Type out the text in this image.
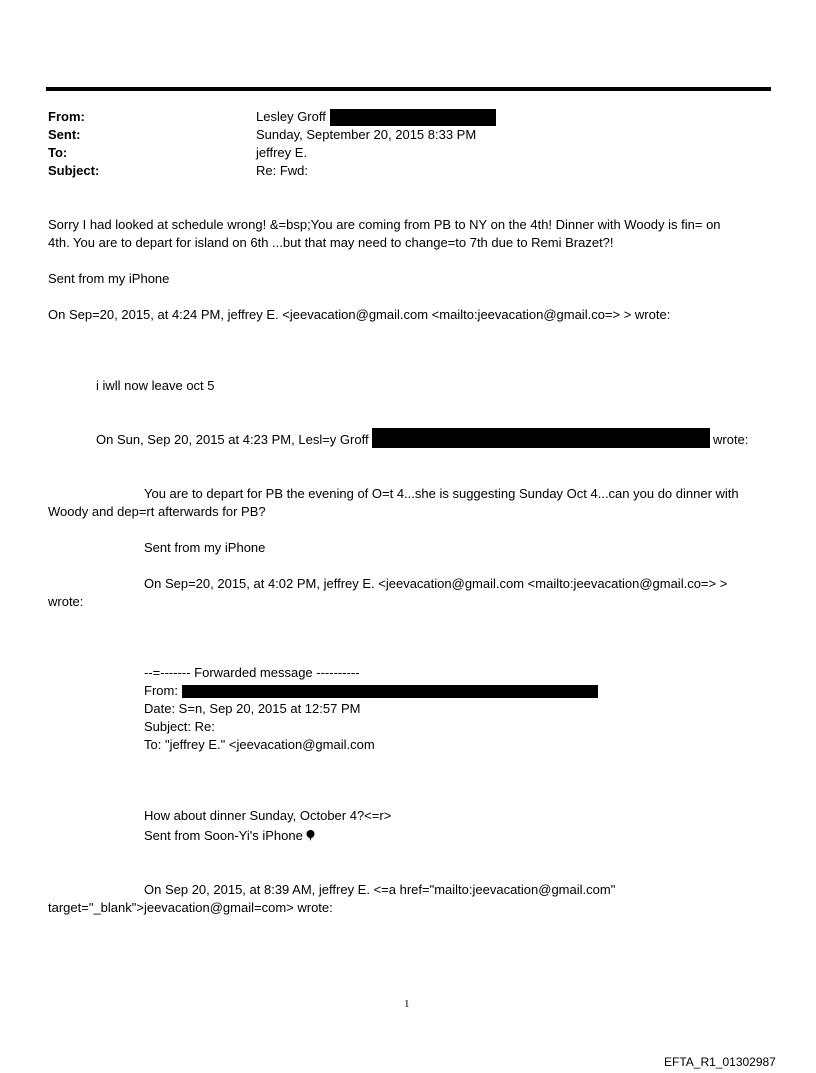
From:
Sent:
To:
Subject:
Lesley Groff
Sunday, September 20, 2015 8:33 PM
jeffrey E.
Re: Fwd:
Sorry I had looked at schedule wrong! &=bsp;You are coming from PB to NY on the 4th! Dinner with Woody is fin= on
4th. You are to depart for island on 6th ...but that may need to change=to 7th due to Remi Brazet?!
Sent from my iPhone
On Sep=20, 2015, at 4:24 PM, jeffrey E. <jeevacation@gmail.com <mailto:jeevacation@gmail.co=> > wrote:
i iwll now leave oct 5
On Sun, Sep 20, 2015 at 4:23 PM, Lesl=y Groff	wrote:
You are to depart for PB the evening of O=t 4...she is suggesting Sunday Oct 4...can you do dinner with
Woody and dep=rt afterwards for PB?
Sent from my iPhone
On Sep=20, 2015, at 4:02 PM, jeffrey E. <jeevacation@gmail.com <mailto:jeevacation@gmail.co=> >
wrote:
--=------- Forwarded message ----------
From:
Date: S=n, Sep 20, 2015 at 12:57 PM
Subject: Re:
To: "jeffrey E." <jeevacation@gmail.com
How about dinner Sunday, October 4?<=r>
Sent from Soon-Yi's iPhone
On Sep 20, 2015, at 8:39 AM, jeffrey E. <=a href="mailto:jeevacation@gmail.com"
target="_blank">jeevacation@gmail=com> wrote:
1
EFTA_R1_01302987
